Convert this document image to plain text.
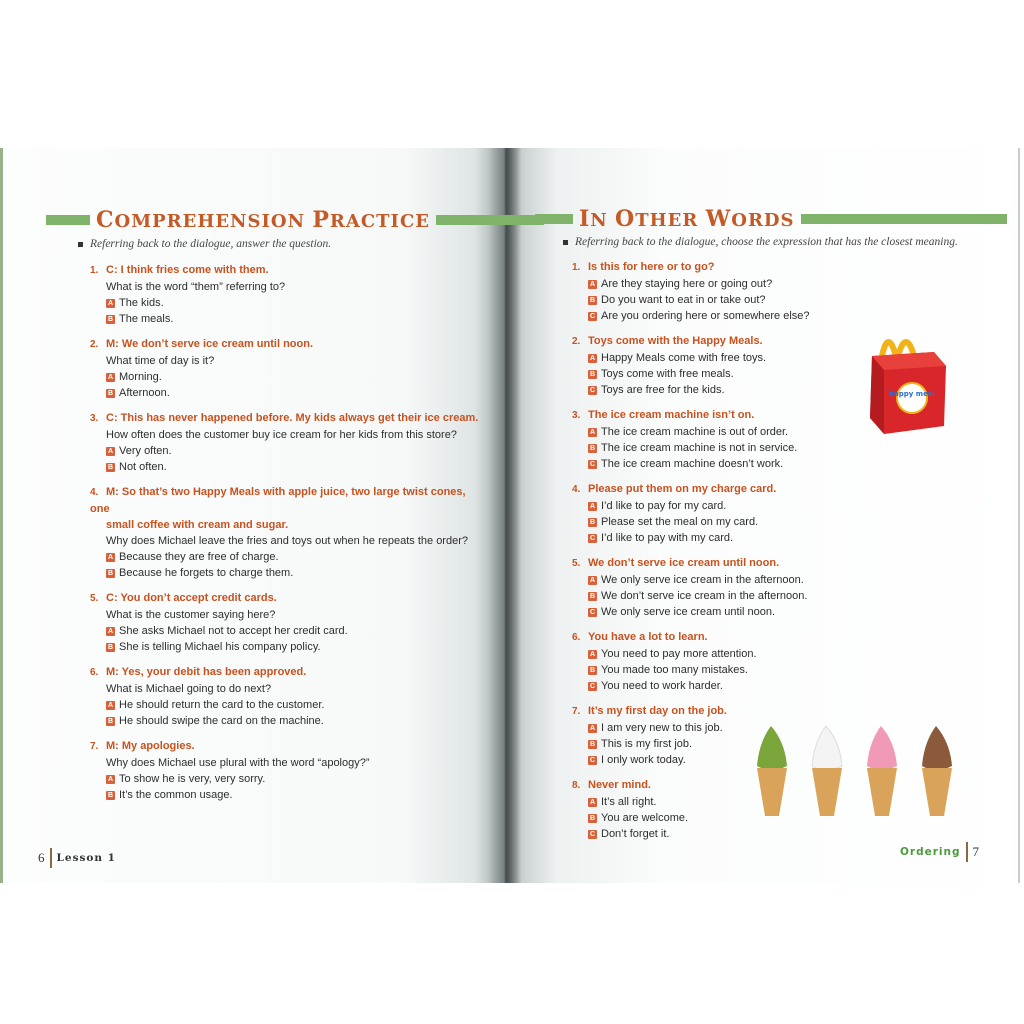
COMPREHENSION PRACTICE
Referring back to the dialogue, answer the question.
1. C: I think fries come with them.
What is the word “them” referring to?
A The kids.
B The meals.
2. M: We don’t serve ice cream until noon.
What time of day is it?
A Morning.
B Afternoon.
3. C: This has never happened before. My kids always get their ice cream.
How often does the customer buy ice cream for her kids from this store?
A Very often.
B Not often.
4. M: So that’s two Happy Meals with apple juice, two large twist cones, one
small coffee with cream and sugar.
Why does Michael leave the fries and toys out when he repeats the order?
A Because they are free of charge.
B Because he forgets to charge them.
5. C: You don’t accept credit cards.
What is the customer saying here?
A She asks Michael not to accept her credit card.
B She is telling Michael his company policy.
6. M: Yes, your debit has been approved.
What is Michael going to do next?
A He should return the card to the customer.
B He should swipe the card on the machine.
7. M: My apologies.
Why does Michael use plural with the word “apology?”
A To show he is very, very sorry.
B It’s the common usage.
IN OTHER WORDS
Referring back to the dialogue, choose the expression that has the closest meaning.
1. Is this for here or to go?
A Are they staying here or going out?
B Do you want to eat in or take out?
C Are you ordering here or somewhere else?
2. Toys come with the Happy Meals.
A Happy Meals come with free toys.
B Toys come with free meals.
C Toys are free for the kids.
3. The ice cream machine isn’t on.
A The ice cream machine is out of order.
B The ice cream machine is not in service.
C The ice cream machine doesn’t work.
4. Please put them on my charge card.
A I’d like to pay for my card.
B Please set the meal on my card.
C I’d like to pay with my card.
5. We don’t serve ice cream until noon.
A We only serve ice cream in the afternoon.
B We don’t serve ice cream in the afternoon.
C We only serve ice cream until noon.
6. You have a lot to learn.
A You need to pay more attention.
B You made too many mistakes.
C You need to work harder.
7. It’s my first day on the job.
A I am very new to this job.
B This is my first job.
C I only work today.
8. Never mind.
A It’s all right.
B You are welcome.
C Don’t forget it.
happy meal
6 Lesson 1	Ordering 7
